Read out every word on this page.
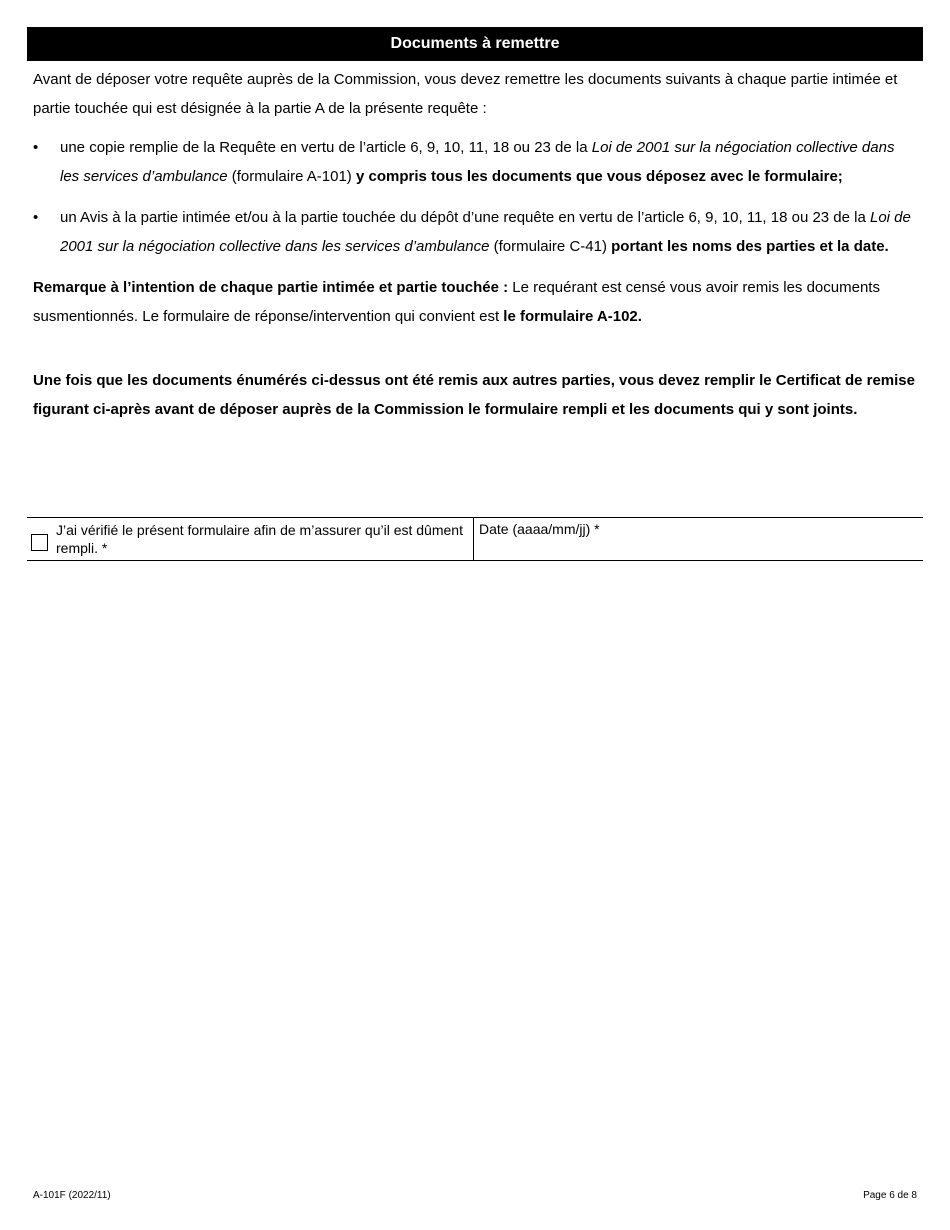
Documents à remettre

Avant de déposer votre requête auprès de la Commission, vous devez remettre les documents suivants à chaque partie intimée et partie touchée qui est désignée à la partie A de la présente requête :

• une copie remplie de la Requête en vertu de l’article 6, 9, 10, 11, 18 ou 23 de la Loi de 2001 sur la négociation collective dans les services d’ambulance (formulaire A-101) y compris tous les documents que vous déposez avec le formulaire;
• un Avis à la partie intimée et/ou à la partie touchée du dépôt d’une requête en vertu de l’article 6, 9, 10, 11, 18 ou 23 de la Loi de 2001 sur la négociation collective dans les services d’ambulance (formulaire C-41) portant les noms des parties et la date.

Remarque à l’intention de chaque partie intimée et partie touchée : Le requérant est censé vous avoir remis les documents susmentionnés. Le formulaire de réponse/intervention qui convient est le formulaire A-102.

Une fois que les documents énumérés ci-dessus ont été remis aux autres parties, vous devez remplir le Certificat de remise figurant ci-après avant de déposer auprès de la Commission le formulaire rempli et les documents qui y sont joints.

J’ai vérifié le présent formulaire afin de m’assurer qu’il est dûment rempli. *
Date (aaaa/mm/jj) *
A-101F (2022/11)	Page 6 de 8
